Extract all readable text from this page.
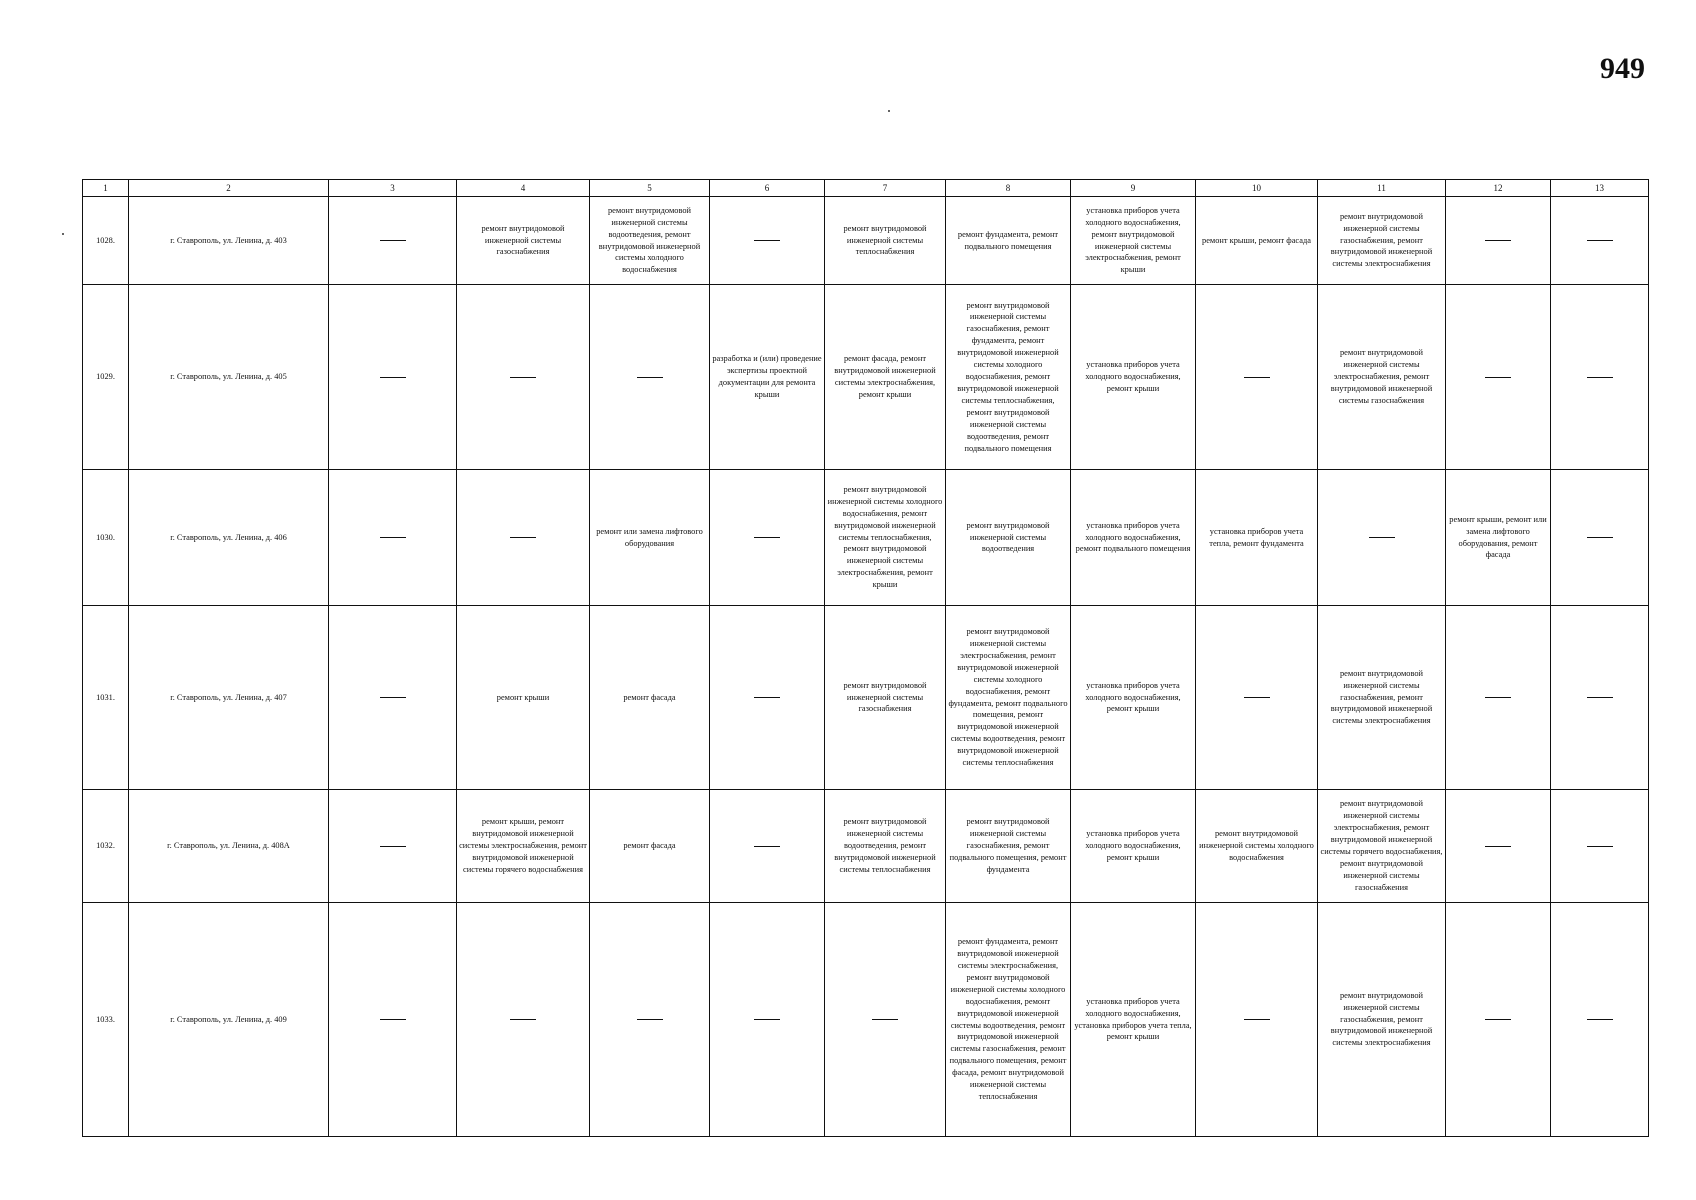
949
1	2	3	4	5	6	7	8	9	10	11	12	13
1028.	г. Ставрополь, ул. Ленина, д. 403		ремонт внутридомовой инженерной системы газоснабжения	ремонт внутридомовой инженерной системы водоотведения, ремонт внутридомовой инженерной системы холодного водоснабжения		ремонт внутридомовой инженерной системы теплоснабжения	ремонт фундамента, ремонт подвального помещения	установка приборов учета холодного водоснабжения, ремонт внутридомовой инженерной системы электроснабжения, ремонт крыши	ремонт крыши, ремонт фасада	ремонт внутридомовой инженерной системы газоснабжения, ремонт внутридомовой инженерной системы электроснабжения		
1029.	г. Ставрополь, ул. Ленина, д. 405				разработка и (или) проведение экспертизы проектной документации для ремонта крыши	ремонт фасада, ремонт внутридомовой инженерной системы электроснабжения, ремонт крыши	ремонт внутридомовой инженерной системы газоснабжения, ремонт фундамента, ремонт внутридомовой инженерной системы холодного водоснабжения, ремонт внутридомовой инженерной системы теплоснабжения, ремонт внутридомовой инженерной системы водоотведения, ремонт подвального помещения	установка приборов учета холодного водоснабжения, ремонт крыши		ремонт внутридомовой инженерной системы электроснабжения, ремонт внутридомовой инженерной системы газоснабжения		
1030.	г. Ставрополь, ул. Ленина, д. 406			ремонт или замена лифтового оборудования		ремонт внутридомовой инженерной системы холодного водоснабжения, ремонт внутридомовой инженерной системы теплоснабжения, ремонт внутридомовой инженерной системы электроснабжения, ремонт крыши	ремонт внутридомовой инженерной системы водоотведения	установка приборов учета холодного водоснабжения, ремонт подвального помещения	установка приборов учета тепла, ремонт фундамента		ремонт крыши, ремонт или замена лифтового оборудования, ремонт фасада	
1031.	г. Ставрополь, ул. Ленина, д. 407		ремонт крыши	ремонт фасада		ремонт внутридомовой инженерной системы газоснабжения	ремонт внутридомовой инженерной системы электроснабжения, ремонт внутридомовой инженерной системы холодного водоснабжения, ремонт фундамента, ремонт подвального помещения, ремонт внутридомовой инженерной системы водоотведения, ремонт внутридомовой инженерной системы теплоснабжения	установка приборов учета холодного водоснабжения, ремонт крыши		ремонт внутридомовой инженерной системы газоснабжения, ремонт внутридомовой инженерной системы электроснабжения		
1032.	г. Ставрополь, ул. Ленина, д. 408А		ремонт крыши, ремонт внутридомовой инженерной системы электроснабжения, ремонт внутридомовой инженерной системы горячего водоснабжения	ремонт фасада		ремонт внутридомовой инженерной системы водоотведения, ремонт внутридомовой инженерной системы теплоснабжения	ремонт внутридомовой инженерной системы газоснабжения, ремонт подвального помещения, ремонт фундамента	установка приборов учета холодного водоснабжения, ремонт крыши	ремонт внутридомовой инженерной системы холодного водоснабжения	ремонт внутридомовой инженерной системы электроснабжения, ремонт внутридомовой инженерной системы горячего водоснабжения, ремонт внутридомовой инженерной системы газоснабжения		
1033.	г. Ставрополь, ул. Ленина, д. 409						ремонт фундамента, ремонт внутридомовой инженерной системы электроснабжения, ремонт внутридомовой инженерной системы холодного водоснабжения, ремонт внутридомовой инженерной системы водоотведения, ремонт внутридомовой инженерной системы газоснабжения, ремонт подвального помещения, ремонт фасада, ремонт внутридомовой инженерной системы теплоснабжения	установка приборов учета холодного водоснабжения, установка приборов учета тепла, ремонт крыши		ремонт внутридомовой инженерной системы газоснабжения, ремонт внутридомовой инженерной системы электроснабжения		
